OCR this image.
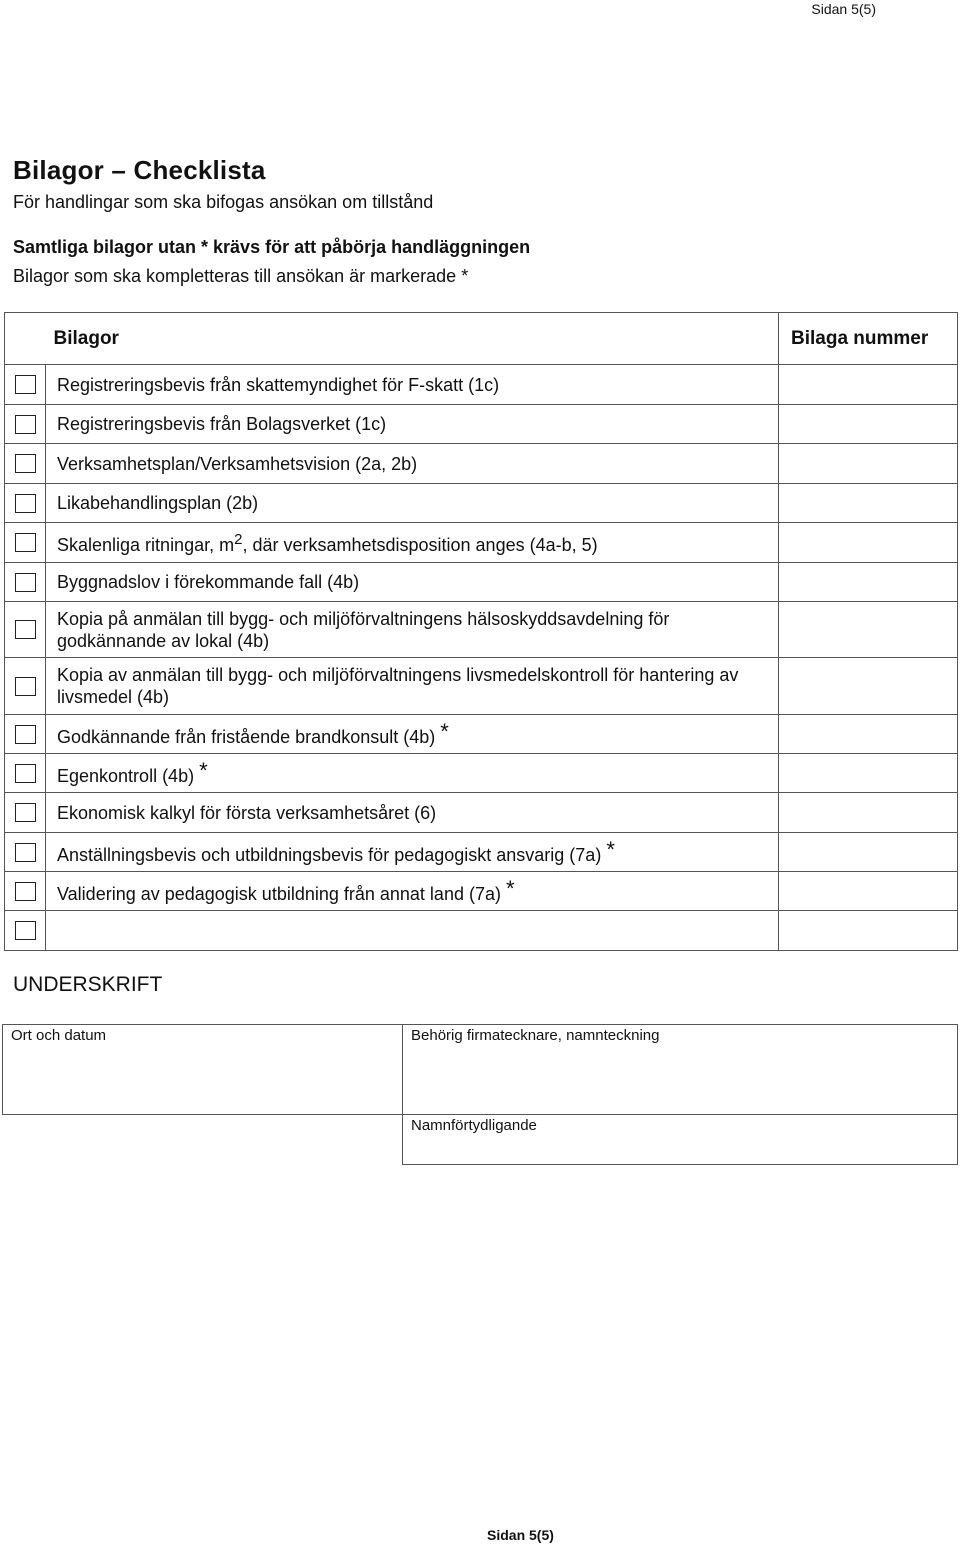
Sidan 5(5)
Bilagor – Checklista
För handlingar som ska bifogas ansökan om tillstånd
Samtliga bilagor utan * krävs för att påbörja handläggningen
Bilagor som ska kompletteras till ansökan är markerade *
	Bilagor	Bilaga nummer
	Registreringsbevis från skattemyndighet för F-skatt (1c)	
	Registreringsbevis från Bolagsverket (1c)	
	Verksamhetsplan/Verksamhetsvision (2a, 2b)	
	Likabehandlingsplan (2b)	
	Skalenliga ritningar, $m^2$, där verksamhetsdisposition anges (4a-b, 5)	
	Byggnadslov i förekommande fall (4b)	
	Kopia på anmälan till bygg- och miljöförvaltningens hälsoskyddsavdelning för godkännande av lokal (4b)	
	Kopia av anmälan till bygg- och miljöförvaltningens livsmedelskontroll för hantering av livsmedel (4b)	
	Godkännande från fristående brandkonsult (4b) *	
	Egenkontroll (4b) *	
	Ekonomisk kalkyl för första verksamhetsåret (6)	
	Anställningsbevis och utbildningsbevis för pedagogiskt ansvarig (7a) *	
	Validering av pedagogisk utbildning från annat land (7a) *	

UNDERSKRIFT
Ort och datum	Behörig firmatecknare, namnteckning
Namnförtydligande
Sidan 5(5)
